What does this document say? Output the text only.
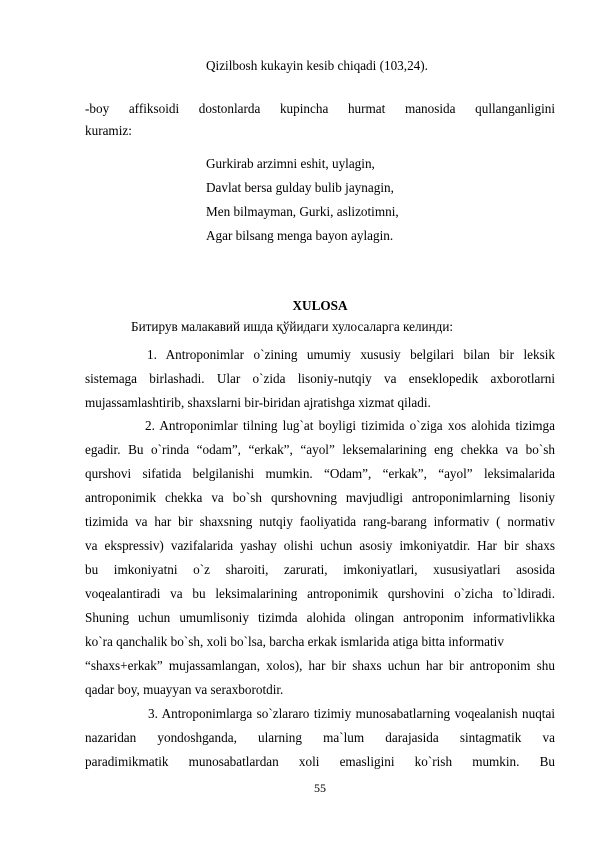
Qizilbosh kukayin kesib chiqadi (103,24).
-boy affiksoidi dostonlarda kupincha hurmat manosida qullanganligini
kuramiz:
Gurkirab arzimni eshit, uylagin,
Davlat bersa gulday bulib jaynagin,
Men bilmayman, Gurki, aslizotimni,
Agar bilsang menga bayon aylagin.
XULOSA
Битирув малакавий ишда қўйидаги хулосаларга келинди:
1. Antroponimlar o`zining umumiy xususiy belgilari bilan bir leksik
sistemaga birlashadi. Ular o`zida lisoniy-nutqiy va enseklopedik axborotlarni
mujassamlashtirib, shaxslarni bir-biridan ajratishga xizmat qiladi.
2. Antroponimlar tilning lug`at boyligi tizimida o`ziga xos alohida tizimga
egadir. Bu o`rinda “odam”, “erkak”, “ayol” leksemalarining eng chekka va bo`sh
qurshovi sifatida belgilanishi mumkin. “Odam”, “erkak”, “ayol” leksimalarida
antroponimik chekka va bo`sh qurshovning mavjudligi antroponimlarning lisoniy
tizimida va har bir shaxsning nutqiy faoliyatida rang-barang informativ ( normativ
va ekspressiv) vazifalarida yashay olishi uchun asosiy imkoniyatdir. Har bir shaxs
bu imkoniyatni o`z sharoiti, zarurati, imkoniyatlari, xususiyatlari asosida
voqealantiradi va bu leksimalarining antroponimik qurshovini o`zicha to`ldiradi.
Shuning uchun umumlisoniy tizimda alohida olingan antroponim informativlikka
ko`ra qanchalik bo`sh, xoli bo`lsa, barcha erkak ismlarida atiga bitta informativ
“shaxs+erkak” mujassamlangan, xolos), har bir shaxs uchun har bir antroponim shu
qadar boy, muayyan va seraxborotdir.
3. Antroponimlarga so`zlararo tizimiy munosabatlarning voqealanish nuqtai
nazaridan yondoshganda, ularning ma`lum darajasida sintagmatik va
paradimikmatik munosabatlardan xoli emasligini ko`rish mumkin. Bu
55
